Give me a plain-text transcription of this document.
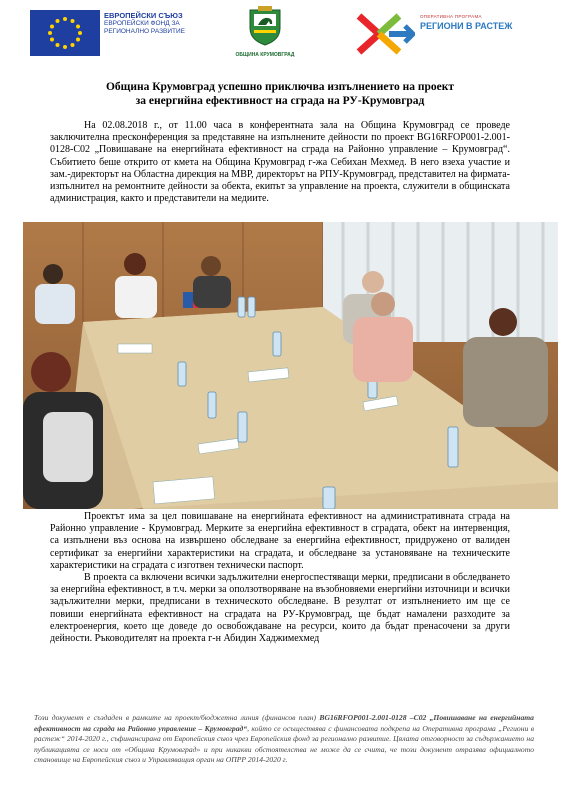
ЕВРОПЕЙСКИ СЪЮЗ
ЕВРОПЕЙСКИ ФОНД ЗА
РЕГИОНАЛНО РАЗВИТИЕ
ОБЩИНА КРУМОВГРАД
ОПЕРАТИВНА ПРОГРАМА
РЕГИОНИ В РАСТЕЖ
Община Крумовград успешно приключва изпълнението на проект
за енергийна ефективност на сграда на РУ-Крумовград
На 02.08.2018 г., от 11.00 часа в конферентната зала на Община Крумовград се проведе заключителна пресконференция за представяне на изпълнените дейности по проект BG16RFOP001-2.001-0128-C02 „Повишаване на енергийната ефективност на сграда на Районно управление – Крумовград“. Събитието беше открито от кмета на Община Крумовград г-жа Себихан Мехмед. В него взеха участие и зам.-директорът на Областна дирекция на МВР, директорът на РПУ-Крумовград, представител на фирмата-изпълнител на ремонтните дейности за обекта, екипът за управление на проекта, служители в общинската администрация, както и представители на медиите.

Проектът има за цел повишаване на енергийната ефективност на административната сграда на Районно управление - Крумовград. Мерките за енергийна ефективност в сградата, обект на интервенция, са изпълнени въз основа на извършено обследване за енергийна ефективност, придружено от валиден сертификат за енергийни характеристики на сградата, и обследване за установяване на техническите характеристики на сградата с изготвен технически паспорт.

В проекта са включени всички задължителни енергоспестяващи мерки, предписани в обследването за енергийна ефективност, в т.ч. мерки за оползотворяване на възобновяеми енергийни източници и всички задължителни мерки, предписани в техническото обследване. В резултат от изпълнението им ще се повиши енергийната ефективност на сградата на РУ-Крумовград, ще бъдат намалени разходите за електроенергия, което ще доведе до освобождаване на ресурси, които да бъдат пренасочени за други дейности. Ръководителят на проекта г-н Абидин Хаджимехмед

Този документ е създаден в рамките на проект/бюджетна линия (финансов план) BG16RFOP001-2.001-0128 –C02 „Повишаване на енергийната ефективност на сграда на Районно управление – Крумовград“, който се осъществява с финансовата подкрепа на Оперативна програма „Региони в растеж“ 2014-2020 г., съфинансирана от Европейския съюз чрез Европейския фонд за регионално развитие. Цялата отговорност за съдържанието на публикацията се носи от «Община Крумовград» и при никакви обстоятелства не може да се счита, че този документ отразява официалното становище на Европейския съюз и Управляващия орган на ОПРР 2014-2020 г.
